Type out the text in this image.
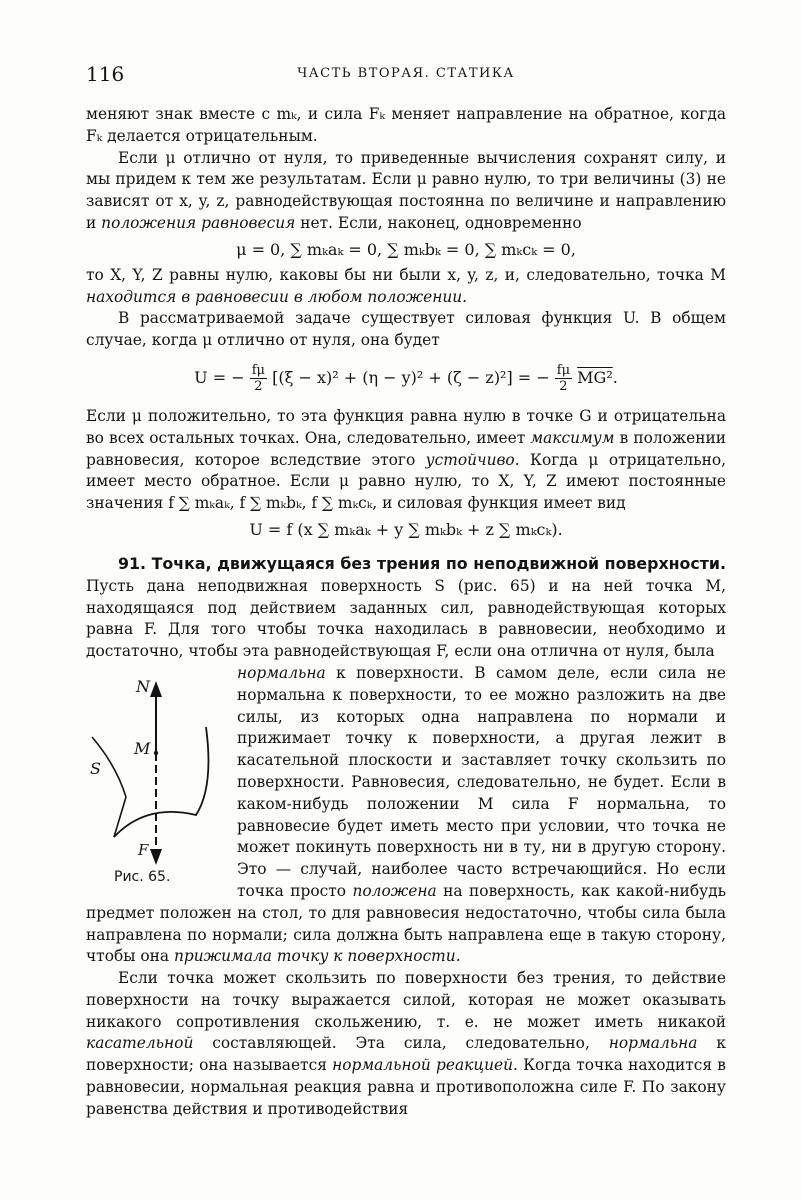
116	ЧАСТЬ ВТОРАЯ. СТАТИКА

меняют знак вместе с mₖ, и сила Fₖ меняет направление на обратное, когда Fₖ делается отрицательным.

Если μ отлично от нуля, то приведенные вычисления сохранят силу, и мы придем к тем же результатам. Если μ равно нулю, то три величины (3) не зависят от x, y, z, равнодействующая постоянна по величине и направлению и положения равновесия нет. Если, наконец, одновременно

μ = 0, ∑ mₖaₖ = 0, ∑ mₖbₖ = 0, ∑ mₖcₖ = 0,

то X, Y, Z равны нулю, каковы бы ни были x, y, z, и, следовательно, точка M находится в равновесии в любом положении.

В рассматриваемой задаче существует силовая функция U. В общем случае, когда μ отлично от нуля, она будет

U = − $\frac{f\mu}{2} [(\xi - x)^2 + (\eta - y)^2 + (\zeta - z)^2]$ = − $\frac{f\mu}{2} MG^2$.

Если μ положительно, то эта функция равна нулю в точке G и отрицательна во всех остальных точках. Она, следовательно, имеет максимум в положении равновесия, которое вследствие этого устойчиво. Когда μ отрицательно, имеет место обратное. Если μ равно нулю, то X, Y, Z имеют постоянные значения f ∑ mₖaₖ, f ∑ mₖbₖ, f ∑ mₖcₖ, и силовая функция имеет вид

U = f (x ∑ mₖaₖ + y ∑ mₖbₖ + z ∑ mₖcₖ).

91. Точка, движущаяся без трения по неподвижной поверхности. Пусть дана неподвижная поверхность S (рис. 65) и на ней точка M, находящаяся под действием заданных сил, равнодействующая которых равна F. Для того чтобы точка находилась в равновесии, необходимо и достаточно, чтобы эта равнодействующая F, если она отлична от нуля, была

N
M
S
F
Рис. 65.

нормальна к поверхности. В самом деле, если сила не нормальна к поверхности, то ее можно разложить на две силы, из которых одна направлена по нормали и прижимает точку к поверхности, а другая лежит в касательной плоскости и заставляет точку скользить по поверхности. Равновесия, следовательно, не будет. Если в каком-нибудь положении M сила F нормальна, то равновесие будет иметь место при условии, что точка не может покинуть поверхность ни в ту, ни в другую сторону. Это — случай, наиболее часто встречающийся. Но если точка просто положена на поверхность, как какой-нибудь предмет положен на стол, то для равновесия недостаточно, чтобы сила была направлена по нормали; сила должна быть направлена еще в такую сторону, чтобы она прижимала точку к поверхности.

Если точка может скользить по поверхности без трения, то действие поверхности на точку выражается силой, которая не может оказывать никакого сопротивления скольжению, т. е. не может иметь никакой касательной составляющей. Эта сила, следовательно, нормальна к поверхности; она называется нормальной реакцией. Когда точка находится в равновесии, нормальная реакция равна и противоположна силе F. По закону равенства действия и противодействия
